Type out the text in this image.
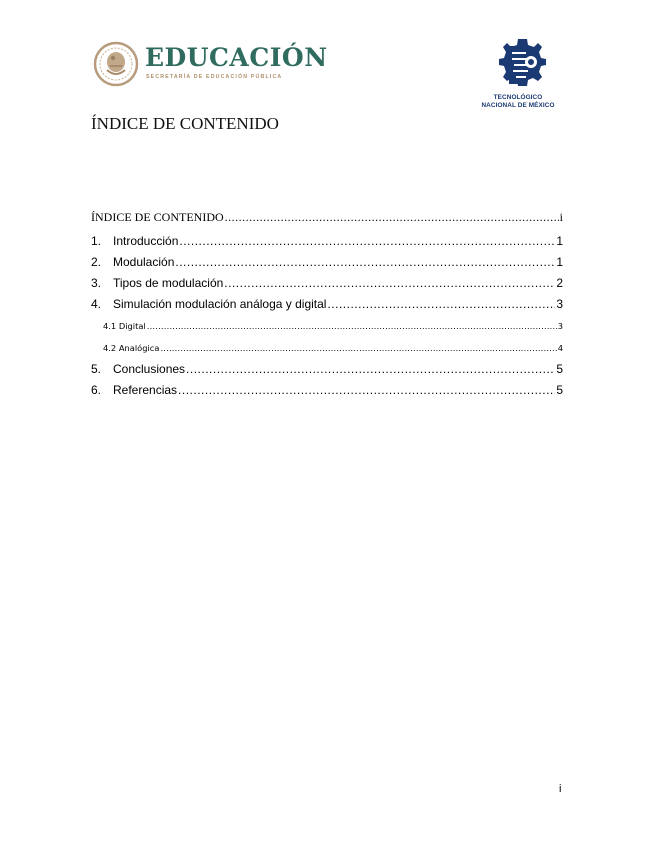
EDUCACIÓN
SECRETARÍA DE EDUCACIÓN PÚBLICA
TECNOLÓGICO
NACIONAL DE MÉXICO
ÍNDICE DE CONTENIDO
ÍNDICE DE CONTENIDO .....	i
1. Introducción .....	1
2. Modulación .....	1
3. Tipos de modulación .....	2
4. Simulación modulación análoga y digital .....	3
4.1 Digital .....	3
4.2 Analógica .....	4
5. Conclusiones .....	5
6. Referencias .....	5
i
